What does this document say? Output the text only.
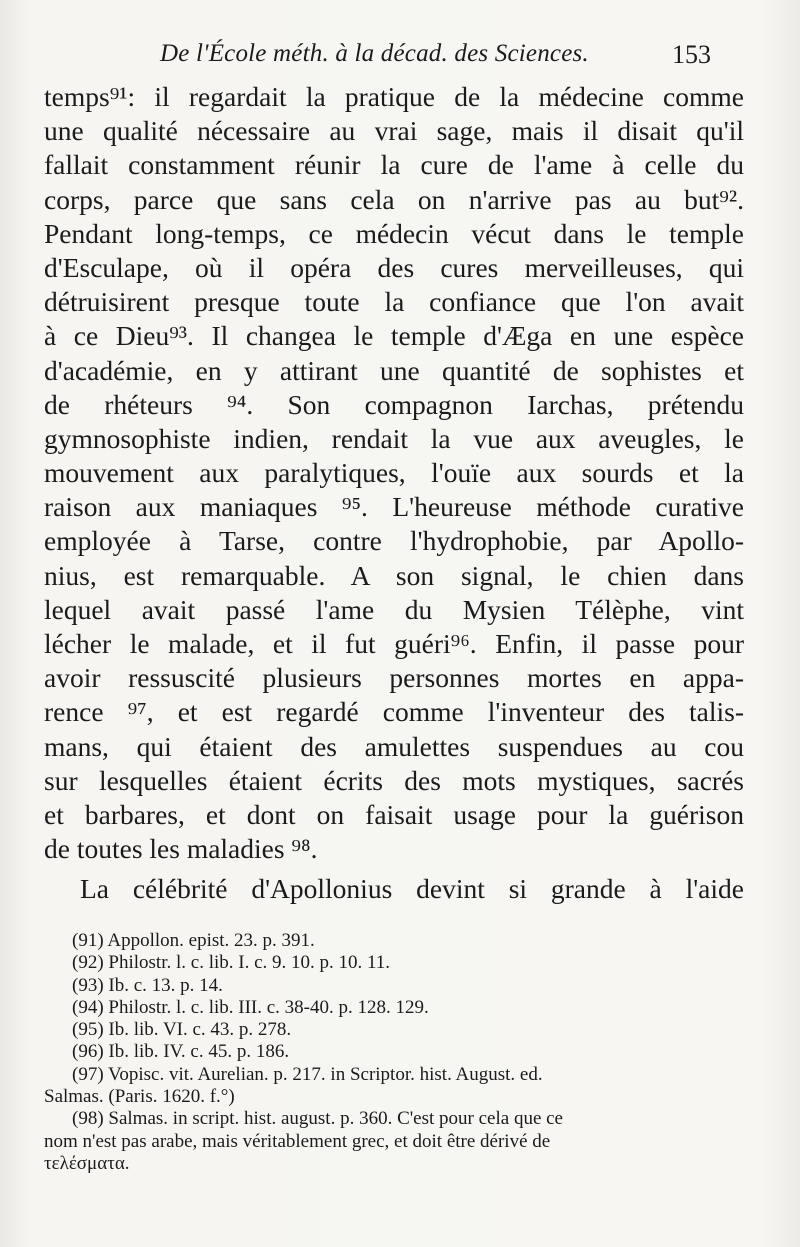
De l'École méth. à la décad. des Sciences.	153
temps⁹¹: il regardait la pratique de la médecine comme
une qualité nécessaire au vrai sage, mais il disait qu'il
fallait constamment réunir la cure de l'ame à celle du
corps, parce que sans cela on n'arrive pas au but⁹².
Pendant long-temps, ce médecin vécut dans le temple
d'Esculape, où il opéra des cures merveilleuses, qui
détruisirent presque toute la confiance que l'on avait
à ce Dieu⁹³. Il changea le temple d'Ӕga en une espèce
d'académie, en y attirant une quantité de sophistes et
de rhéteurs ⁹⁴. Son compagnon Iarchas, prétendu
gymnosophiste indien, rendait la vue aux aveugles, le
mouvement aux paralytiques, l'ouïe aux sourds et la
raison aux maniaques ⁹⁵. L'heureuse méthode curative
employée à Tarse, contre l'hydrophobie, par Apollo-
nius, est remarquable. A son signal, le chien dans
lequel avait passé l'ame du Mysien Télèphe, vint
lécher le malade, et il fut guéri⁹⁶. Enfin, il passe pour
avoir ressuscité plusieurs personnes mortes en appa-
rence ⁹⁷, et est regardé comme l'inventeur des talis-
mans, qui étaient des amulettes suspendues au cou
sur lesquelles étaient écrits des mots mystiques, sacrés
et barbares, et dont on faisait usage pour la guérison
de toutes les maladies ⁹⁸.
La célébrité d'Apollonius devint si grande à l'aide
(91) Appollon. epist. 23. p. 391.
(92) Philostr. l. c. lib. I. c. 9. 10. p. 10. 11.
(93) Ib. c. 13. p. 14.
(94) Philostr. l. c. lib. III. c. 38-40. p. 128. 129.
(95) Ib. lib. VI. c. 43. p. 278.
(96) Ib. lib. IV. c. 45. p. 186.
(97) Vopisc. vit. Aurelian. p. 217. in Scriptor. hist. August. ed.
Salmas. (Paris. 1620. f.°)
(98) Salmas. in script. hist. august. p. 360. C'est pour cela que ce
nom n'est pas arabe, mais véritablement grec, et doit être dérivé de
τελέσματα.
